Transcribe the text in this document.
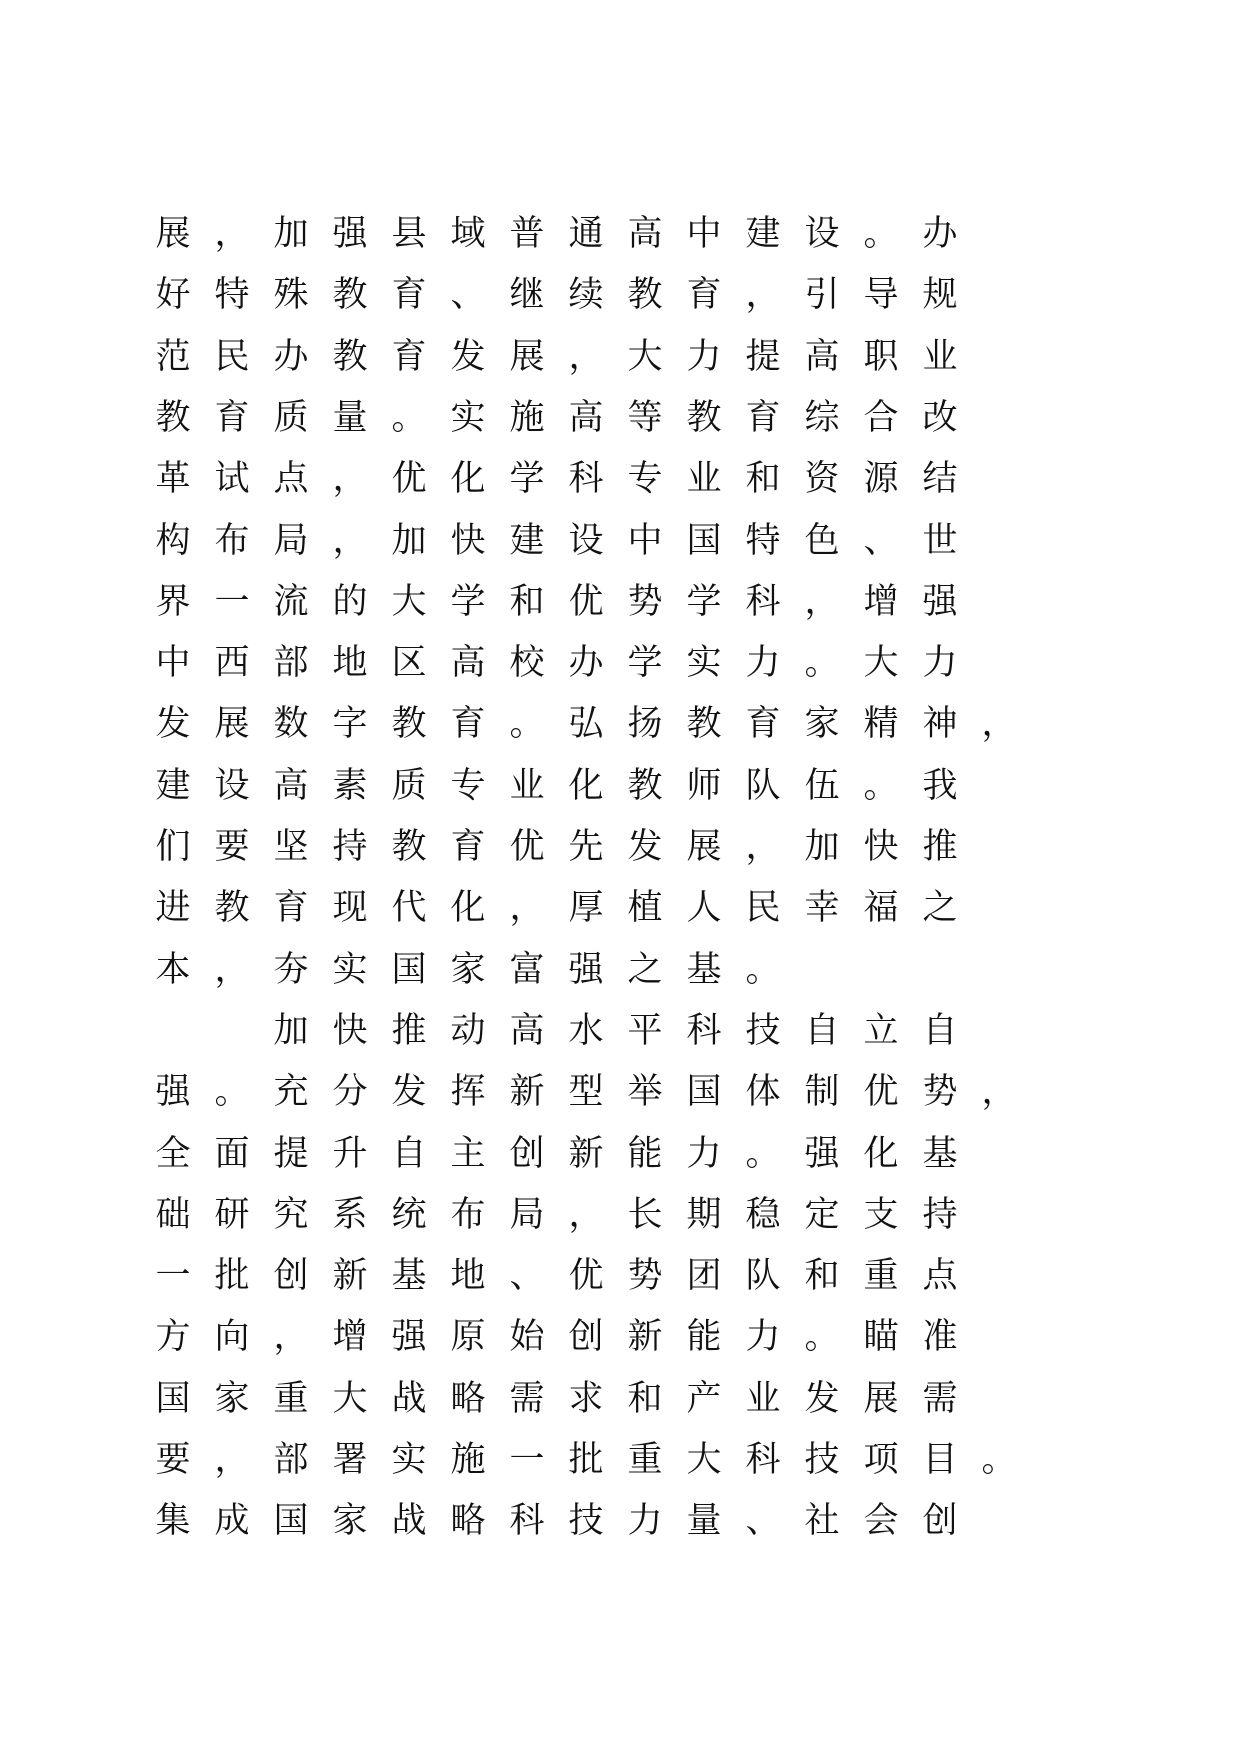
展 ， 加 强 县 域 普 通 高 中 建 设 。 办
好 特 殊 教 育 、 继 续 教 育 ， 引 导 规
范 民 办 教 育 发 展 ， 大 力 提 高 职 业
教 育 质 量 。 实 施 高 等 教 育 综 合 改
革 试 点 ， 优 化 学 科 专 业 和 资 源 结
构 布 局 ， 加 快 建 设 中 国 特 色 、 世
界 一 流 的 大 学 和 优 势 学 科 ， 增 强
中 西 部 地 区 高 校 办 学 实 力 。 大 力
发 展 数 字 教 育 。 弘 扬 教 育 家 精 神 ，
建 设 高 素 质 专 业 化 教 师 队 伍 。 我
们 要 坚 持 教 育 优 先 发 展 ， 加 快 推
进 教 育 现 代 化 ， 厚 植 人 民 幸 福 之
本 ， 夯 实 国 家 富 强 之 基 。

加 快 推 动 高 水 平 科 技 自 立 自
强 。 充 分 发 挥 新 型 举 国 体 制 优 势 ，
全 面 提 升 自 主 创 新 能 力 。 强 化 基
础 研 究 系 统 布 局 ， 长 期 稳 定 支 持
一 批 创 新 基 地 、 优 势 团 队 和 重 点
方 向 ， 增 强 原 始 创 新 能 力 。 瞄 准
国 家 重 大 战 略 需 求 和 产 业 发 展 需
要 ， 部 署 实 施 一 批 重 大 科 技 项 目 。
集 成 国 家 战 略 科 技 力 量 、 社 会 创
